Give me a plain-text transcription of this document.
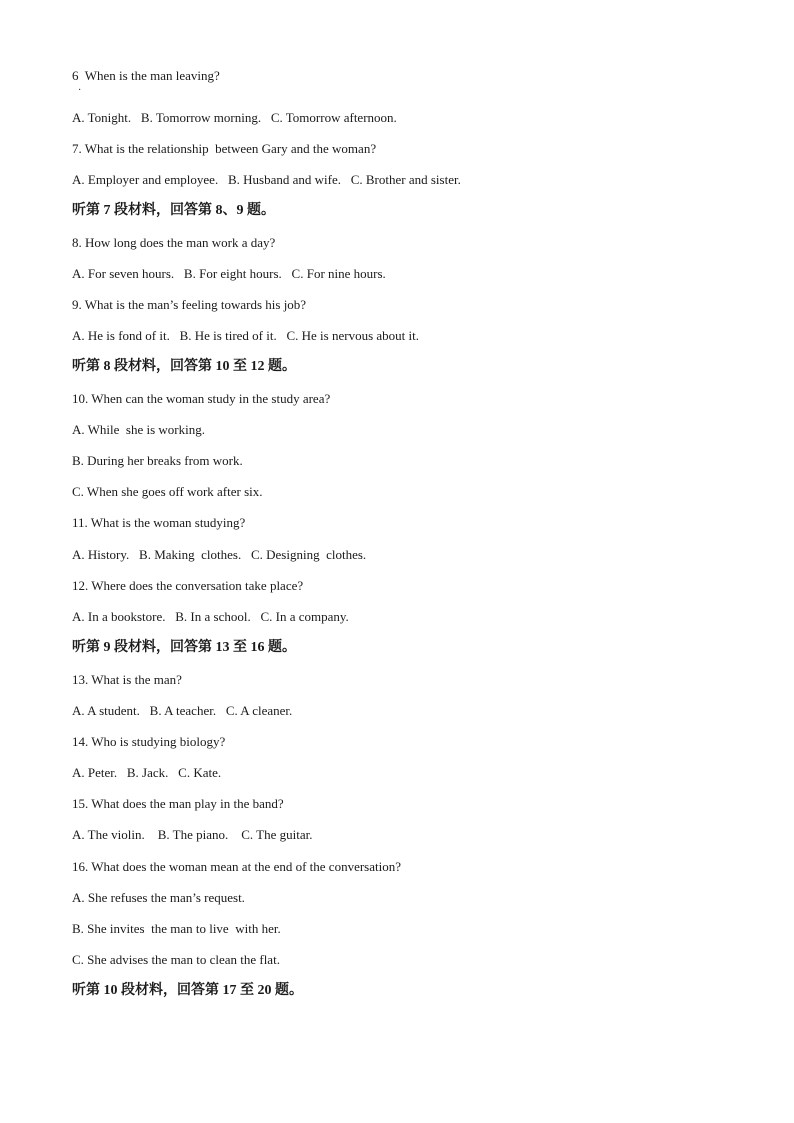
·
6  When is the man leaving?
A. Tonight.   B. Tomorrow morning.   C. Tomorrow afternoon.
7. What is the relationship  between Gary and the woman?
A. Employer and employee.   B. Husband and wife.   C. Brother and sister.
听第 7 段材料，回答第 8、9 题。
8. How long does the man work a day?
A. For seven hours.   B. For eight hours.   C. For nine hours.
9. What is the man’s feeling towards his job?
A. He is fond of it.   B. He is tired of it.   C. He is nervous about it.
听第 8 段材料，回答第 10 至 12 题。
10. When can the woman study in the study area?
A. While  she is working.
B. During her breaks from work.
C. When she goes off work after six.
11. What is the woman studying?
A. History.   B. Making  clothes.   C. Designing  clothes.
12. Where does the conversation take place?
A. In a bookstore.   B. In a school.   C. In a company.
听第 9 段材料，回答第 13 至 16 题。
13. What is the man?
A. A student.   B. A teacher.   C. A cleaner.
14. Who is studying biology?
A. Peter.   B. Jack.   C. Kate.
15. What does the man play in the band?
A. The violin.    B. The piano.    C. The guitar.
16. What does the woman mean at the end of the conversation?
A. She refuses the man’s request.
B. She invites  the man to live  with her.
C. She advises the man to clean the flat.
听第 10 段材料，回答第 17 至 20 题。
